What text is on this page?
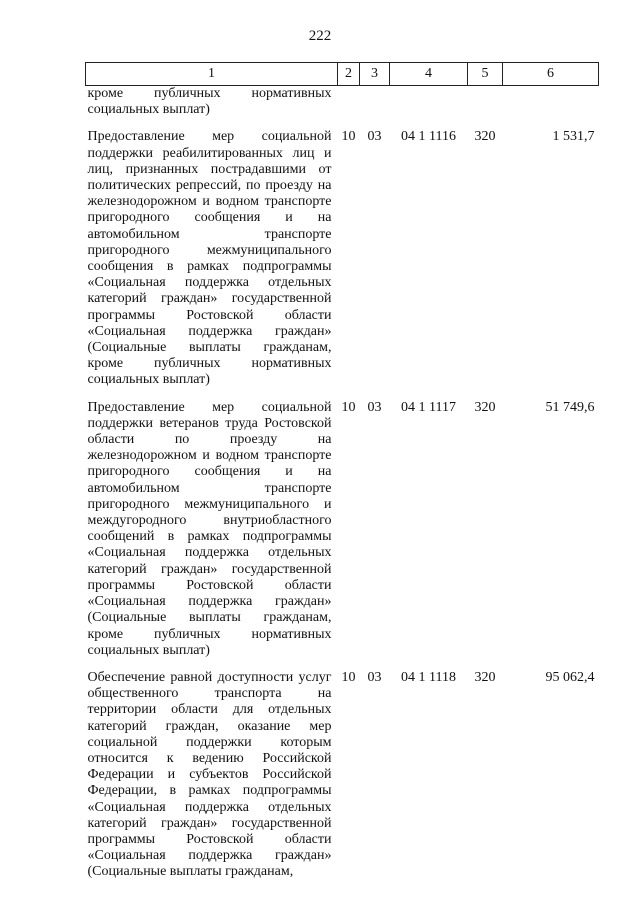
222
1	2	3	4	5	6
кроме публичных нормативных социальных выплат)					
Предоставление мер социальной поддержки реабилитированных лиц и лиц, признанных пострадавшими от политических репрессий, по проезду на железнодорожном и водном транспорте пригородного сообщения и на автомобильном транспорте пригородного межмуниципального сообщения в рамках подпрограммы «Социальная поддержка отдельных категорий граждан» государственной программы Ростовской области «Социальная поддержка граждан» (Социальные выплаты гражданам, кроме публичных нормативных социальных выплат)	10	03	04 1 1116	320	1 531,7
Предоставление мер социальной поддержки ветеранов труда Ростовской области по проезду на железнодорожном и водном транспорте пригородного сообщения и на автомобильном транспорте пригородного межмуниципального и междугородного внутриобластного сообщений в рамках подпрограммы «Социальная поддержка отдельных категорий граждан» государственной программы Ростовской области «Социальная поддержка граждан» (Социальные выплаты гражданам, кроме публичных нормативных социальных выплат)	10	03	04 1 1117	320	51 749,6
Обеспечение равной доступности услуг общественного транспорта на территории области для отдельных категорий граждан, оказание мер социальной поддержки которым относится к ведению Российской Федерации и субъектов Российской Федерации, в рамках подпрограммы «Социальная поддержка отдельных категорий граждан» государственной программы Ростовской области «Социальная поддержка граждан» (Социальные выплаты гражданам,	10	03	04 1 1118	320	95 062,4
